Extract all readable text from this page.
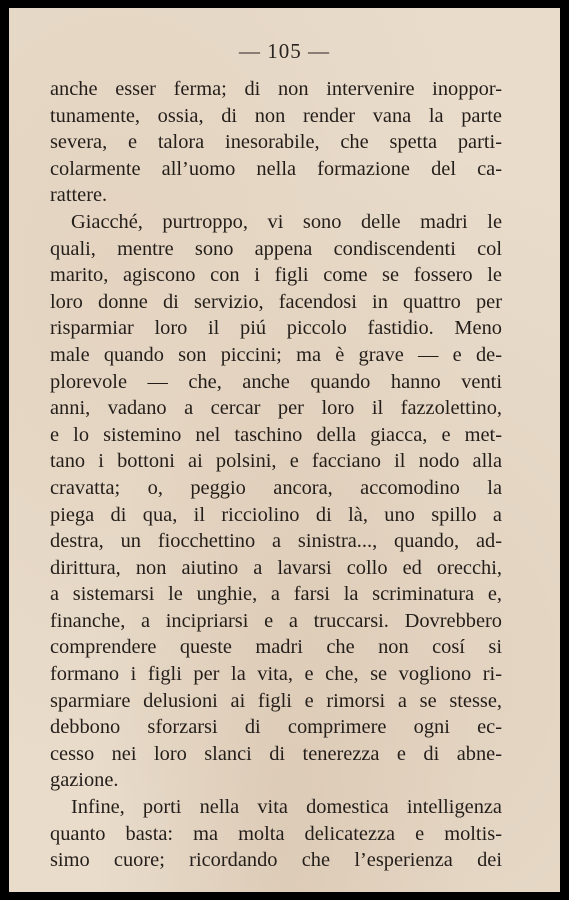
— 105 —
anche esser ferma; di non intervenire inoppor-
tunamente, ossia, di non render vana la parte
severa, e talora inesorabile, che spetta parti-
colarmente all’uomo nella formazione del ca-
rattere.
Giacché, purtroppo, vi sono delle madri le
quali, mentre sono appena condiscendenti col
marito, agiscono con i figli come se fossero le
loro donne di servizio, facendosi in quattro per
risparmiar loro il piú piccolo fastidio. Meno
male quando son piccini; ma è grave — e de-
plorevole — che, anche quando hanno venti
anni, vadano a cercar per loro il fazzolettino,
e lo sistemino nel taschino della giacca, e met-
tano i bottoni ai polsini, e facciano il nodo alla
cravatta; o, peggio ancora, accomodino la
piega di qua, il ricciolino di là, uno spillo a
destra, un fiocchettino a sinistra..., quando, ad-
dirittura, non aiutino a lavarsi collo ed orecchi,
a sistemarsi le unghie, a farsi la scriminatura e,
finanche, a incipriarsi e a truccarsi. Dovrebbero
comprendere queste madri che non cosí si
formano i figli per la vita, e che, se vogliono ri-
sparmiare delusioni ai figli e rimorsi a se stesse,
debbono sforzarsi di comprimere ogni ec-
cesso nei loro slanci di tenerezza e di abne-
gazione.
Infine, porti nella vita domestica intelligenza
quanto basta: ma molta delicatezza e moltis-
simo cuore; ricordando che l’esperienza dei
